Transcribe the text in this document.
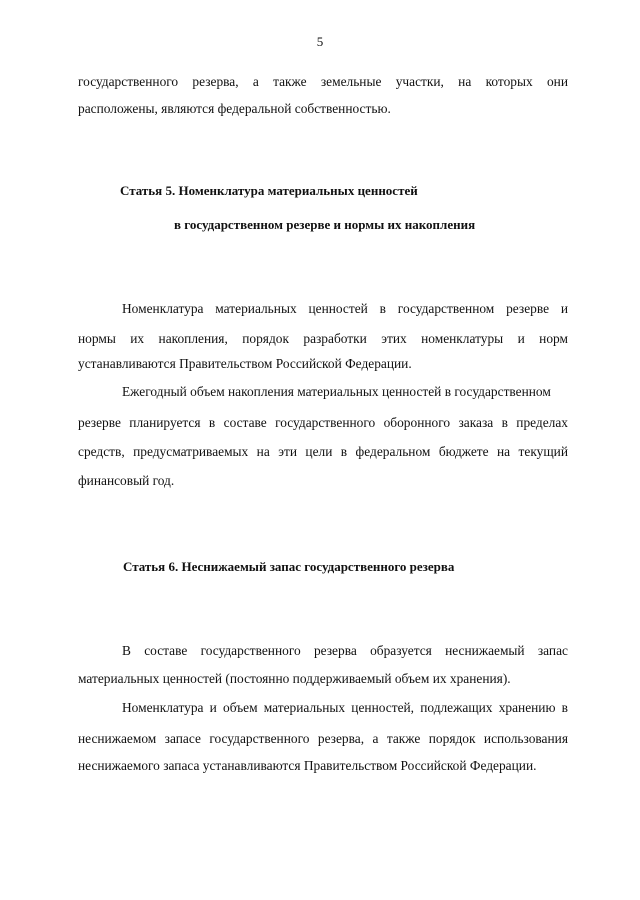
5
государственного резерва, а также земельные участки, на которых они
расположены, являются федеральной собственностью.
Статья 5. Номенклатура материальных ценностей
в государственном резерве и нормы их накопления
Номенклатура материальных ценностей в государственном резерве и
нормы их накопления, порядок разработки этих номенклатуры и норм
устанавливаются Правительством Российской Федерации.
Ежегодный объем накопления материальных ценностей в государственном
резерве планируется в составе государственного оборонного заказа в пределах
средств, предусматриваемых на эти цели в федеральном бюджете на текущий
финансовый год.
Статья 6. Неснижаемый запас государственного резерва
В составе государственного резерва образуется неснижаемый запас
материальных ценностей (постоянно поддерживаемый объем их хранения).
Номенклатура и объем материальных ценностей, подлежащих хранению в
неснижаемом запасе государственного резерва, а также порядок использования
неснижаемого запаса устанавливаются Правительством Российской Федерации.
